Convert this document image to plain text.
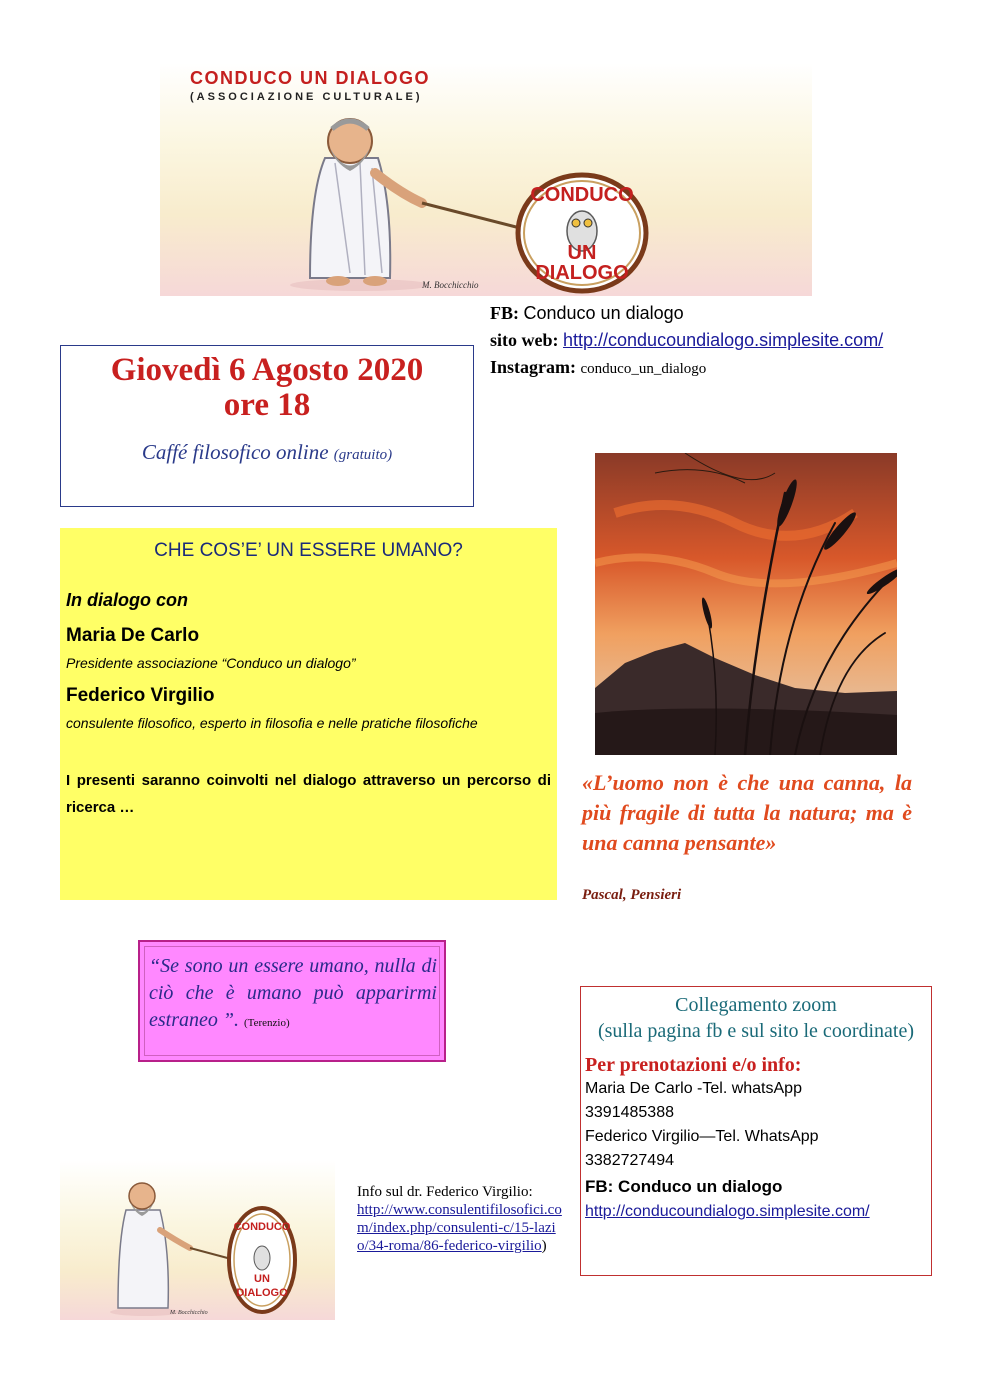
CONDUCO
UN
DIALOGO
M. Bocchicchio
CONDUCO UN DIALOGO
(ASSOCIAZIONE CULTURALE)
FB: Conduco un dialogo
sito web: http://conducoundialogo.simplesite.com/
Instagram: conduco_un_dialogo
Giovedì 6 Agosto 2020
ore 18
Caffé filosofico online (gratuito)
CHE COS’E’ UN ESSERE UMANO?
In dialogo con
Maria De Carlo
Presidente associazione “Conduco un dialogo”
Federico Virgilio
consulente filosofico, esperto in filosofia e nelle pratiche filosofiche
I presenti saranno coinvolti nel dialogo attraverso un percorso di ricerca …
«L’uomo non è che una canna, la più fragile di tutta la natura; ma è una canna pensante»
Pascal, Pensieri
“Se sono un essere umano, nulla di ciò che è umano può apparirmi estraneo ”. (Terenzio)
Collegamento zoom
(sulla pagina fb e sul sito le coordinate)
Per prenotazioni e/o info:
Maria De Carlo -Tel. whatsApp
3391485388
Federico Virgilio—Tel. WhatsApp
3382727494
FB: Conduco un dialogo
http://conducoundialogo.simplesite.com/
CONDUCO
UN
DIALOGO
M. Bocchicchio
Info sul dr. Federico Virgilio:
http://www.consulentifilosofici.com/index.php/consulenti-c/15-lazio/34-roma/86-federico-virgilio)
